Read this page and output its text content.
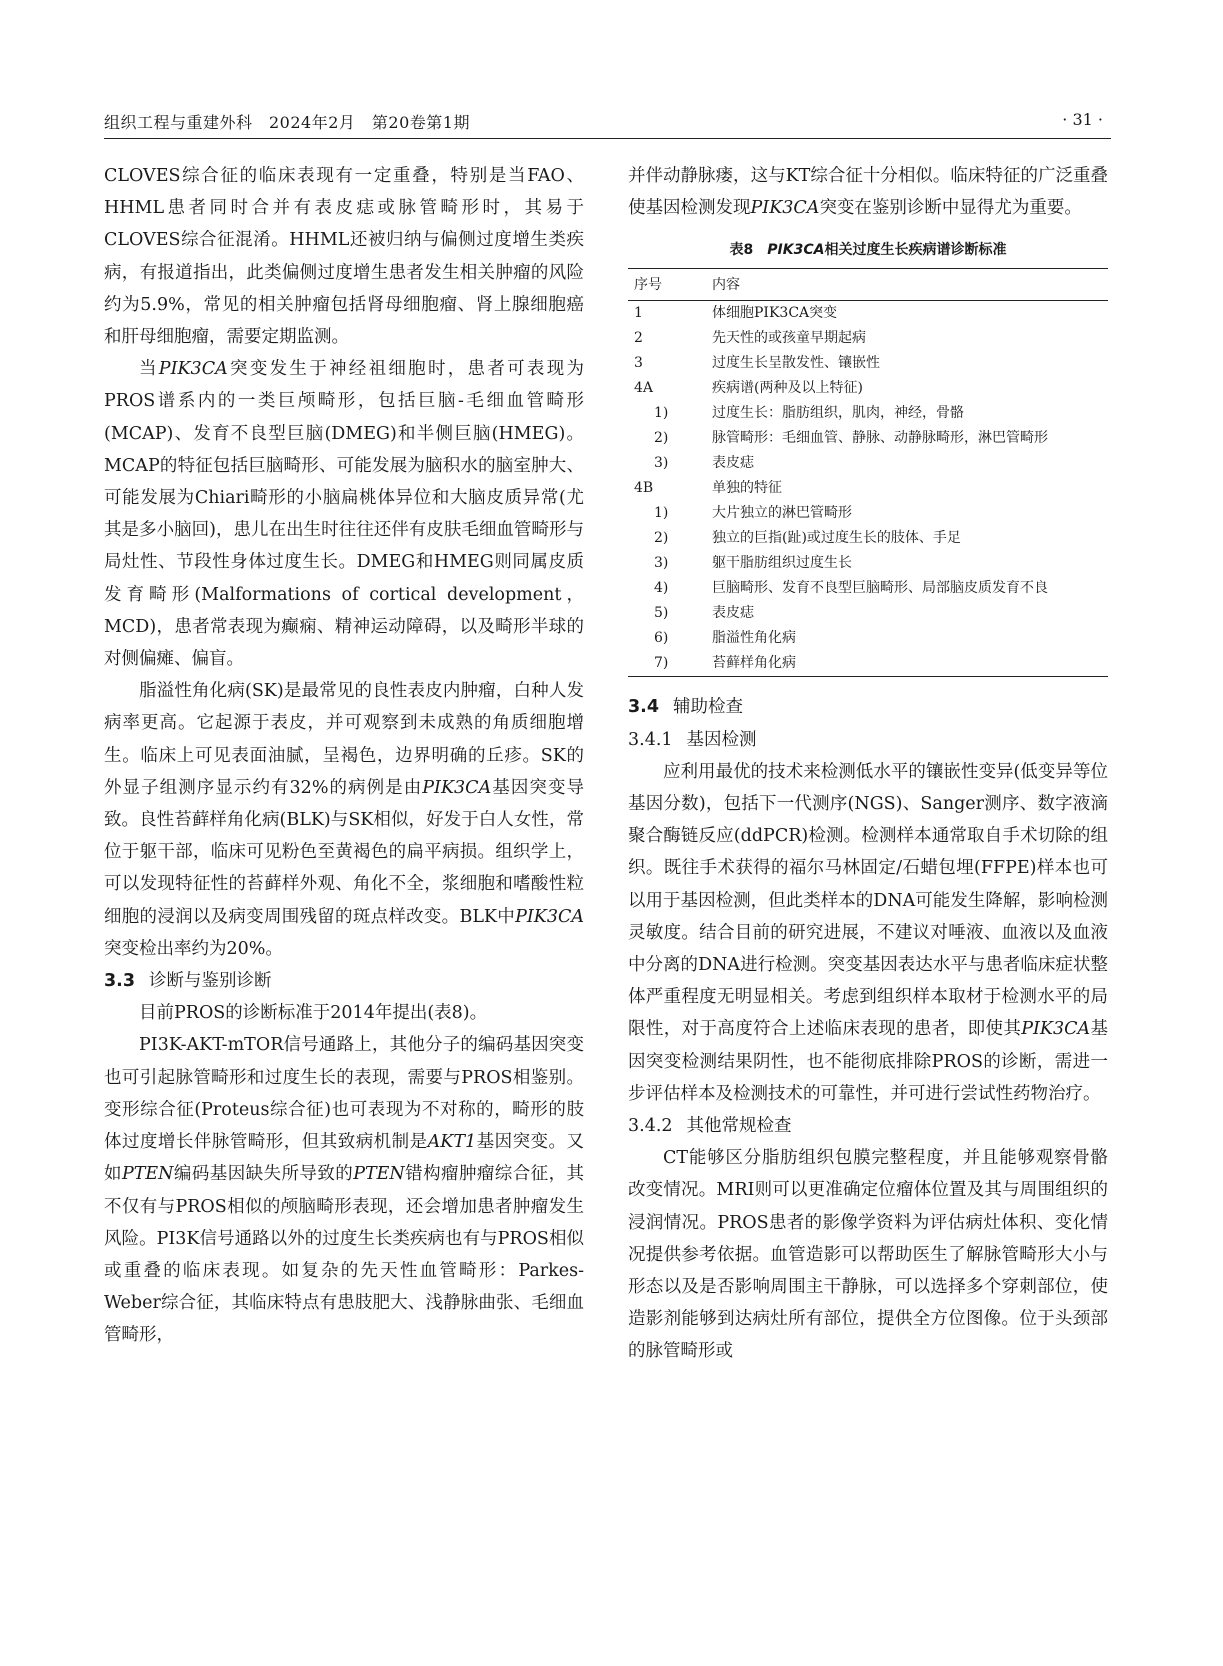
组织工程与重建外科　2024年2月　第20卷第1期	· 31 ·

CLOVES综合征的临床表现有一定重叠，特别是当FAO、HHML患者同时合并有表皮痣或脉管畸形时，其易于CLOVES综合征混淆。HHML还被归纳与偏侧过度增生类疾病，有报道指出，此类偏侧过度增生患者发生相关肿瘤的风险约为5.9%，常见的相关肿瘤包括肾母细胞瘤、肾上腺细胞癌和肝母细胞瘤，需要定期监测。

当PIK3CA突变发生于神经祖细胞时，患者可表现为PROS谱系内的一类巨颅畸形，包括巨脑-毛细血管畸形(MCAP)、发育不良型巨脑(DMEG)和半侧巨脑(HMEG)。MCAP的特征包括巨脑畸形、可能发展为脑积水的脑室肿大、可能发展为Chiari畸形的小脑扁桃体异位和大脑皮质异常(尤其是多小脑回)，患儿在出生时往往还伴有皮肤毛细血管畸形与局灶性、节段性身体过度生长。DMEG和HMEG则同属皮质发育畸形(Malformations of cortical development，MCD)，患者常表现为癫痫、精神运动障碍，以及畸形半球的对侧偏瘫、偏盲。

脂溢性角化病(SK)是最常见的良性表皮内肿瘤，白种人发病率更高。它起源于表皮，并可观察到未成熟的角质细胞增生。临床上可见表面油腻，呈褐色，边界明确的丘疹。SK的外显子组测序显示约有32%的病例是由PIK3CA基因突变导致。良性苔藓样角化病(BLK)与SK相似，好发于白人女性，常位于躯干部，临床可见粉色至黄褐色的扁平病损。组织学上，可以发现特征性的苔藓样外观、角化不全，浆细胞和嗜酸性粒细胞的浸润以及病变周围残留的斑点样改变。BLK中PIK3CA突变检出率约为20%。

3.3 诊断与鉴别诊断

目前PROS的诊断标准于2014年提出(表8)。

PI3K-AKT-mTOR信号通路上，其他分子的编码基因突变也可引起脉管畸形和过度生长的表现，需要与PROS相鉴别。变形综合征(Proteus综合征)也可表现为不对称的，畸形的肢体过度增长伴脉管畸形，但其致病机制是AKT1基因突变。又如PTEN编码基因缺失所导致的PTEN错构瘤肿瘤综合征，其不仅有与PROS相似的颅脑畸形表现，还会增加患者肿瘤发生风险。PI3K信号通路以外的过度生长类疾病也有与PROS相似或重叠的临床表现。如复杂的先天性血管畸形：Parkes-Weber综合征，其临床特点有患肢肥大、浅静脉曲张、毛细血管畸形，

并伴动静脉瘘，这与KT综合征十分相似。临床特征的广泛重叠使基因检测发现PIK3CA突变在鉴别诊断中显得尤为重要。

表8　PIK3CA相关过度生长疾病谱诊断标准
序号	内容
1	体细胞PIK3CA突变
2	先天性的或孩童早期起病
3	过度生长呈散发性、镶嵌性
4A	疾病谱(两种及以上特征)
1)	过度生长：脂肪组织，肌肉，神经，骨骼
2)	脉管畸形：毛细血管、静脉、动静脉畸形，淋巴管畸形
3)	表皮痣
4B	单独的特征
1)	大片独立的淋巴管畸形
2)	独立的巨指(趾)或过度生长的肢体、手足
3)	躯干脂肪组织过度生长
4)	巨脑畸形、发育不良型巨脑畸形、局部脑皮质发育不良
5)	表皮痣
6)	脂溢性角化病
7)	苔藓样角化病
3.4 辅助检查
3.4.1 基因检测

应利用最优的技术来检测低水平的镶嵌性变异(低变异等位基因分数)，包括下一代测序(NGS)、Sanger测序、数字液滴聚合酶链反应(ddPCR)检测。检测样本通常取自手术切除的组织。既往手术获得的福尔马林固定/石蜡包埋(FFPE)样本也可以用于基因检测，但此类样本的DNA可能发生降解，影响检测灵敏度。结合目前的研究进展，不建议对唾液、血液以及血液中分离的DNA进行检测。突变基因表达水平与患者临床症状整体严重程度无明显相关。考虑到组织样本取材于检测水平的局限性，对于高度符合上述临床表现的患者，即使其PIK3CA基因突变检测结果阴性，也不能彻底排除PROS的诊断，需进一步评估样本及检测技术的可靠性，并可进行尝试性药物治疗。

3.4.2 其他常规检查

CT能够区分脂肪组织包膜完整程度，并且能够观察骨骼改变情况。MRI则可以更准确定位瘤体位置及其与周围组织的浸润情况。PROS患者的影像学资料为评估病灶体积、变化情况提供参考依据。血管造影可以帮助医生了解脉管畸形大小与形态以及是否影响周围主干静脉，可以选择多个穿刺部位，使造影剂能够到达病灶所有部位，提供全方位图像。位于头颈部的脉管畸形或
